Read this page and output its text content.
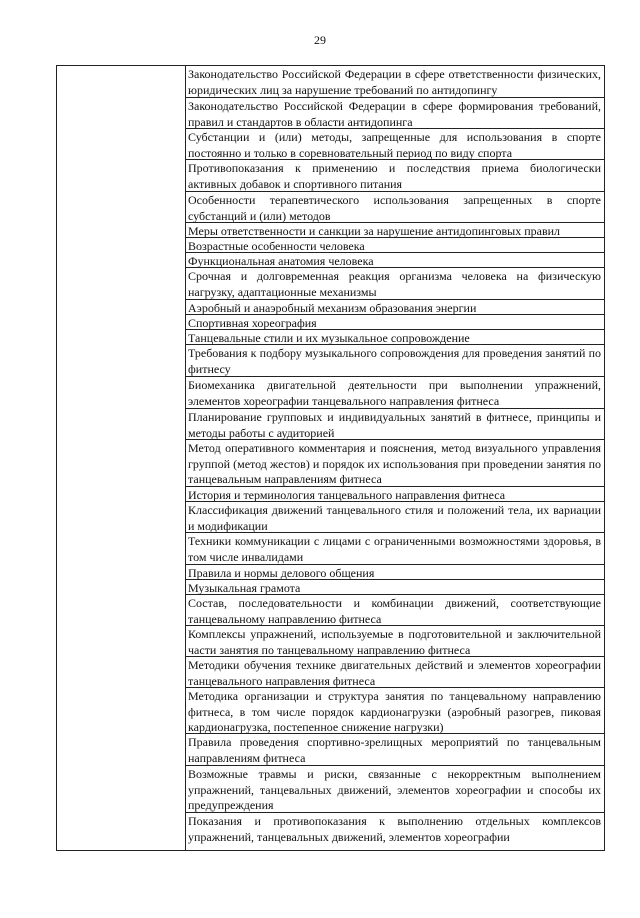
29
Законодательство Российской Федерации в сфере ответственности физических, юридических лиц за нарушение требований по антидопингу
Законодательство Российской Федерации в сфере формирования требований, правил и стандартов в области антидопинга
Субстанции и (или) методы, запрещенные для использования в спорте постоянно и только в соревновательный период по виду спорта
Противопоказания к применению и последствия приема биологически активных добавок и спортивного питания
Особенности терапевтического использования запрещенных в спорте субстанций и (или) методов
Меры ответственности и санкции за нарушение антидопинговых правил
Возрастные особенности человека
Функциональная анатомия человека
Срочная и долговременная реакция организма человека на физическую нагрузку, адаптационные механизмы
Аэробный и анаэробный механизм образования энергии
Спортивная хореография
Танцевальные стили и их музыкальное сопровождение
Требования к подбору музыкального сопровождения для проведения занятий по фитнесу
Биомеханика двигательной деятельности при выполнении упражнений, элементов хореографии танцевального направления фитнеса
Планирование групповых и индивидуальных занятий в фитнесе, принципы и методы работы с аудиторией
Метод оперативного комментария и пояснения, метод визуального управления группой (метод жестов) и порядок их использования при проведении занятия по танцевальным направлениям фитнеса
История и терминология танцевального направления фитнеса
Классификация движений танцевального стиля и положений тела, их вариации и модификации
Техники коммуникации с лицами с ограниченными возможностями здоровья, в том числе инвалидами
Правила и нормы делового общения
Музыкальная грамота
Состав, последовательности и комбинации движений, соответствующие танцевальному направлению фитнеса
Комплексы упражнений, используемые в подготовительной и заключительной части занятия по танцевальному направлению фитнеса
Методики обучения технике двигательных действий и элементов хореографии танцевального направления фитнеса
Методика организации и структура занятия по танцевальному направлению фитнеса, в том числе порядок кардионагрузки (аэробный разогрев, пиковая кардионагрузка, постепенное снижение нагрузки)
Правила проведения спортивно-зрелищных мероприятий по танцевальным направлениям фитнеса
Возможные травмы и риски, связанные с некорректным выполнением упражнений, танцевальных движений, элементов хореографии и способы их предупреждения
Показания и противопоказания к выполнению отдельных комплексов упражнений, танцевальных движений, элементов хореографии
